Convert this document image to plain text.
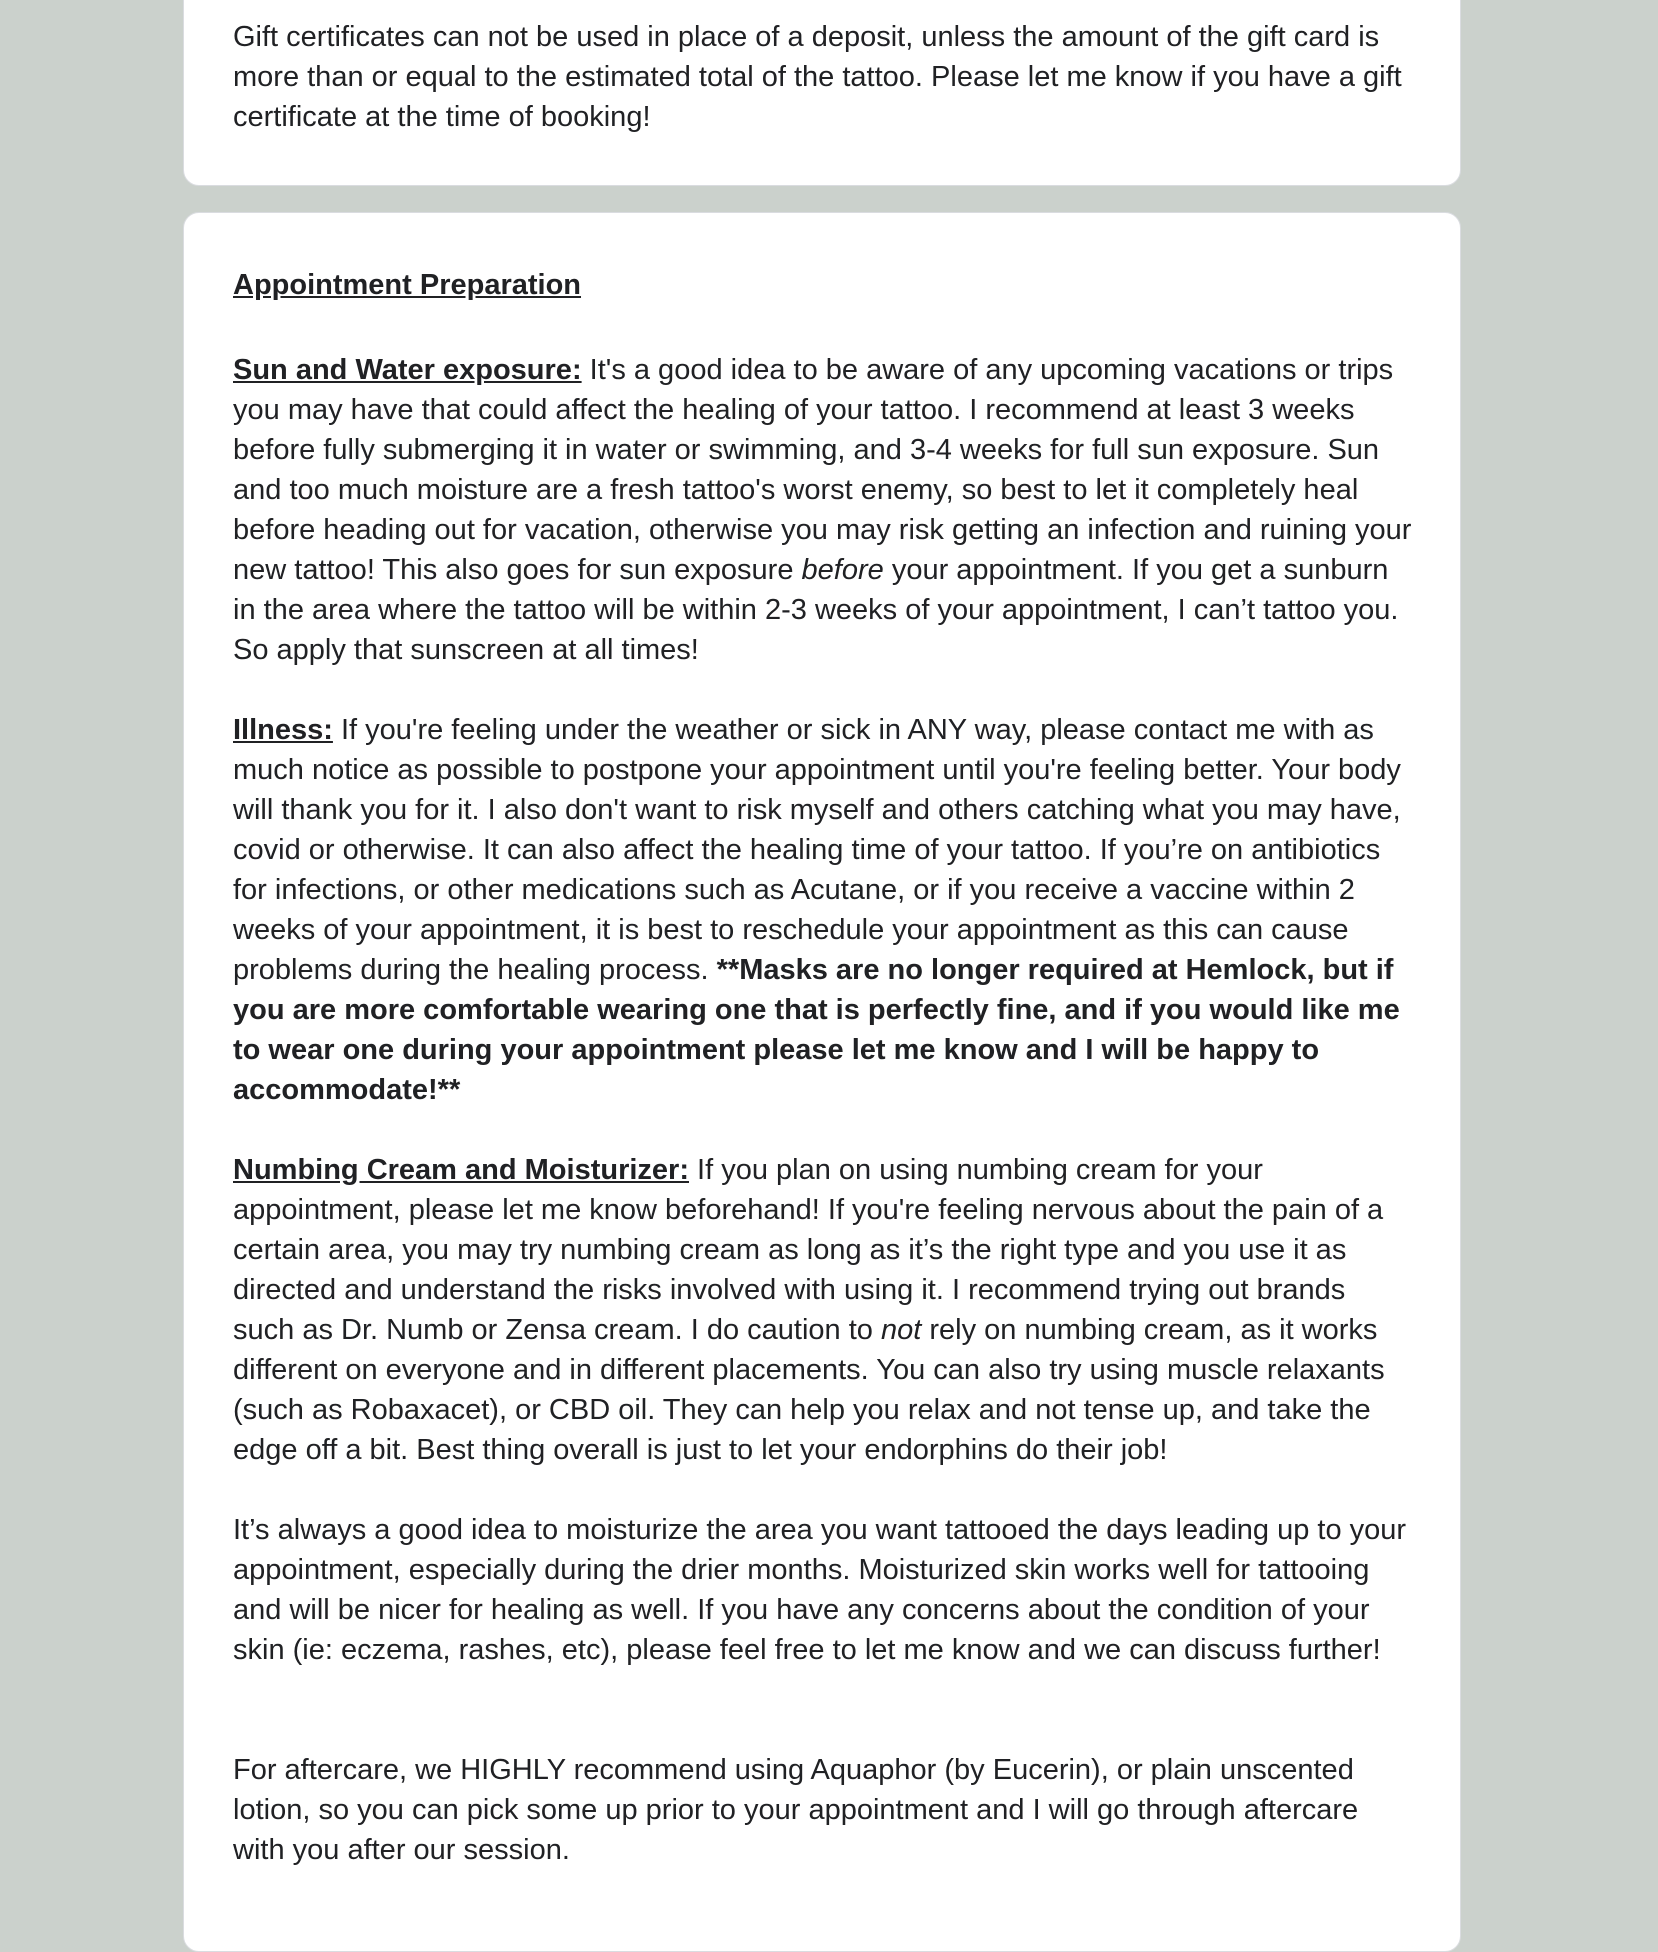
Gift certificates can not be used in place of a deposit, unless the amount of the gift card is more than or equal to the estimated total of the tattoo. Please let me know if you have a gift certificate at the time of booking!

Appointment Preparation

Sun and Water exposure: It's a good idea to be aware of any upcoming vacations or trips you may have that could affect the healing of your tattoo. I recommend at least 3 weeks before fully submerging it in water or swimming, and 3-4 weeks for full sun exposure. Sun and too much moisture are a fresh tattoo's worst enemy, so best to let it completely heal before heading out for vacation, otherwise you may risk getting an infection and ruining your new tattoo! This also goes for sun exposure before your appointment. If you get a sunburn in the area where the tattoo will be within 2-3 weeks of your appointment, I can’t tattoo you. So apply that sunscreen at all times!

Illness: If you're feeling under the weather or sick in ANY way, please contact me with as much notice as possible to postpone your appointment until you're feeling better. Your body will thank you for it. I also don't want to risk myself and others catching what you may have, covid or otherwise. It can also affect the healing time of your tattoo. If you’re on antibiotics for infections, or other medications such as Acutane, or if you receive a vaccine within 2 weeks of your appointment, it is best to reschedule your appointment as this can cause problems during the healing process. **Masks are no longer required at Hemlock, but if you are more comfortable wearing one that is perfectly fine, and if you would like me to wear one during your appointment please let me know and I will be happy to accommodate!**

Numbing Cream and Moisturizer: If you plan on using numbing cream for your appointment, please let me know beforehand! If you're feeling nervous about the pain of a certain area, you may try numbing cream as long as it’s the right type and you use it as directed and understand the risks involved with using it. I recommend trying out brands such as Dr. Numb or Zensa cream. I do caution to not rely on numbing cream, as it works different on everyone and in different placements. You can also try using muscle relaxants (such as Robaxacet), or CBD oil. They can help you relax and not tense up, and take the edge off a bit. Best thing overall is just to let your endorphins do their job!

It’s always a good idea to moisturize the area you want tattooed the days leading up to your appointment, especially during the drier months. Moisturized skin works well for tattooing and will be nicer for healing as well. If you have any concerns about the condition of your skin (ie: eczema, rashes, etc), please feel free to let me know and we can discuss further!

For aftercare, we HIGHLY recommend using Aquaphor (by Eucerin), or plain unscented lotion, so you can pick some up prior to your appointment and I will go through aftercare with you after our session.
